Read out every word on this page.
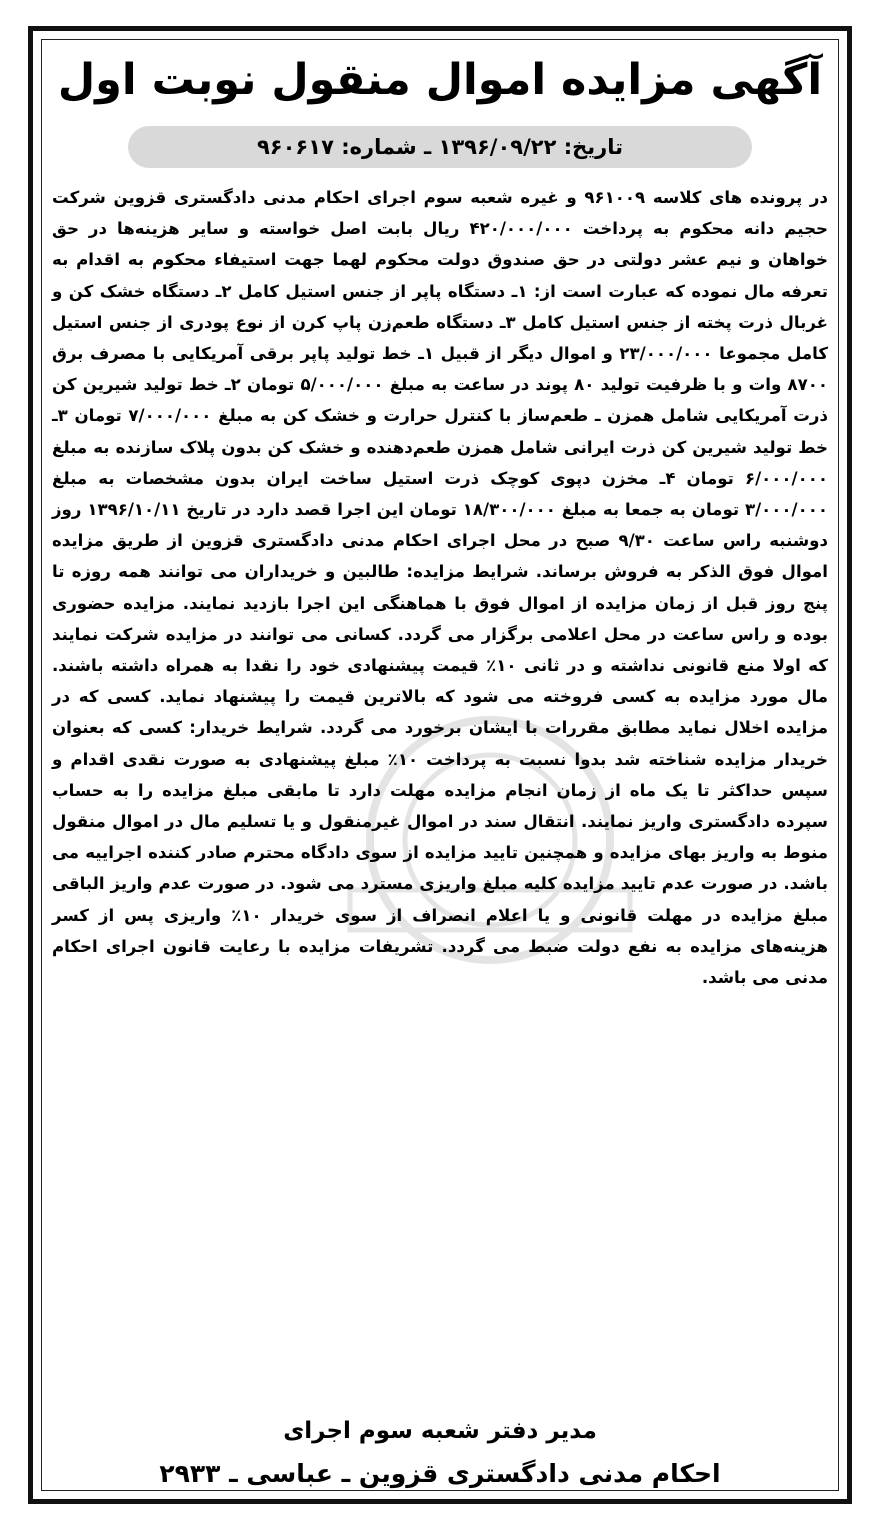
آگهی مزایده اموال منقول نوبت اول
تاریخ: ۱۳۹۶/۰۹/۲۲ ـ شماره: ۹۶۰۶۱۷

در پرونده های کلاسه ۹۶۱۰۰۹ و غیره شعبه سوم اجرای احکام مدنی دادگستری قزوین شرکت حجیم دانه محکوم به پرداخت ۴۲۰/۰۰۰/۰۰۰ ریال بابت اصل خواسته و سایر هزینه‌ها در حق خواهان و نیم عشر دولتی در حق صندوق دولت محکوم لهما جهت استیفاء محکوم به اقدام به تعرفه مال نموده که عبارت است از: ۱ـ دستگاه پاپر از جنس استیل کامل ۲ـ دستگاه خشک کن و غربال ذرت پخته از جنس استیل کامل ۳ـ دستگاه طعم‌زن پاپ کرن از نوع پودری از جنس استیل کامل مجموعا ۲۳/۰۰۰/۰۰۰ و اموال دیگر از قبیل ۱ـ خط تولید پاپر برقی آمریکایی با مصرف برق ۸۷۰۰ وات و با ظرفیت تولید ۸۰ پوند در ساعت به مبلغ ۵/۰۰۰/۰۰۰ تومان ۲ـ خط تولید شیرین کن ذرت آمریکایی شامل همزن ـ طعم‌ساز با کنترل حرارت و خشک کن به مبلغ ۷/۰۰۰/۰۰۰ تومان ۳ـ خط تولید شیرین کن ذرت ایرانی شامل همزن طعم‌دهنده و خشک کن بدون پلاک سازنده به مبلغ ۶/۰۰۰/۰۰۰ تومان ۴ـ مخزن دپوی کوچک ذرت استیل ساخت ایران بدون مشخصات به مبلغ ۳/۰۰۰/۰۰۰ تومان به جمعا به مبلغ ۱۸/۳۰۰/۰۰۰ تومان این اجرا قصد دارد در تاریخ ۱۳۹۶/۱۰/۱۱ روز دوشنبه راس ساعت ۹/۳۰ صبح در محل اجرای احکام مدنی دادگستری قزوین از طریق مزایده اموال فوق الذکر به فروش برساند. شرایط مزایده: طالبین و خریداران می توانند همه روزه تا پنج روز قبل از زمان مزایده از اموال فوق با هماهنگی این اجرا بازدید نمایند. مزایده حضوری بوده و راس ساعت در محل اعلامی برگزار می گردد. کسانی می توانند در مزایده شرکت نمایند که اولا منع قانونی نداشته و در ثانی ۱۰٪ قیمت پیشنهادی خود را نقدا به همراه داشته باشند. مال مورد مزایده به کسی فروخته می شود که بالاترین قیمت را پیشنهاد نماید. کسی که در مزایده اخلال نماید مطابق مقررات با ایشان برخورد می گردد. شرایط خریدار: کسی که بعنوان خریدار مزایده شناخته شد بدوا نسبت به پرداخت ۱۰٪ مبلغ پیشنهادی به صورت نقدی اقدام و سپس حداکثر تا یک ماه از زمان انجام مزایده مهلت دارد تا مابقی مبلغ مزایده را به حساب سپرده دادگستری واریز نمایند. انتقال سند در اموال غیرمنقول و یا تسلیم مال در اموال منقول منوط به واریز بهای مزایده و همچنین تایید مزایده از سوی دادگاه محترم صادر کننده اجراییه می باشد. در صورت عدم تایید مزایده کلیه مبلغ واریزی مسترد می شود. در صورت عدم واریز الباقی مبلغ مزایده در مهلت قانونی و یا اعلام انصراف از سوی خریدار ۱۰٪ واریزی پس از کسر هزینه‌های مزایده به نفع دولت ضبط می گردد. تشریفات مزایده با رعایت قانون اجرای احکام مدنی می باشد.

مدیر دفتر شعبه سوم اجرای

احکام مدنی دادگستری قزوین ـ عباسی ـ ۲۹۳۳
